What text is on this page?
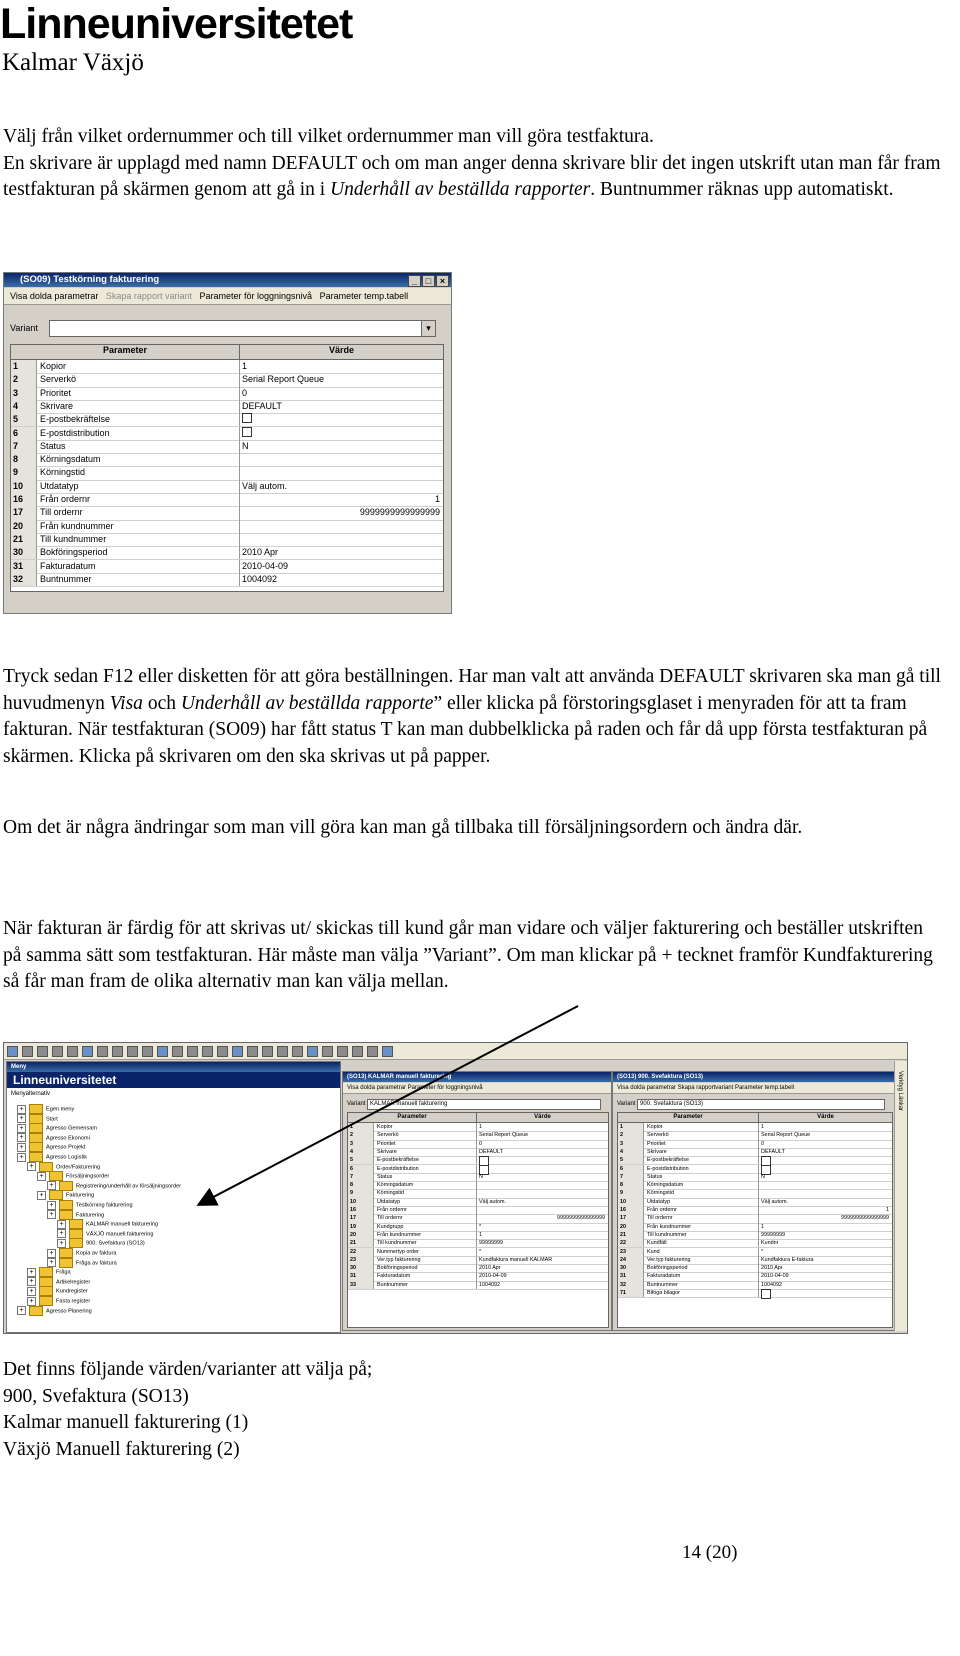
Linneuniversitetet
Kalmar Växjö

Välj från vilket ordernummer och till vilket ordernummer man vill göra testfaktura.

En skrivare är upplagd med namn DEFAULT och om man anger denna skrivare blir det ingen utskrift utan man får fram testfakturan på skärmen genom att gå in i Underhåll av beställda rapporter. Buntnummer räknas upp automatiskt.

(SO09) Testkörning fakturering	_ □ ×
Visa dolda parametrar Skapa rapport variant Parameter för loggningsnivå Parameter temp.tabell
Variant	▾
Parameter	Värde
1	Kopior	1
2	Serverkö	Serial Report Queue
3	Prioritet	0
4	Skrivare	DEFAULT
5	E-postbekräftelse
6	E-postdistribution
7	Status	N
8	Körningsdatum
9	Körningstid
10	Utdatatyp	Välj autom.
16	Från ordernr	1
17	Till ordernr	9999999999999999
20	Från kundnummer
21	Till kundnummer
30	Bokföringsperiod	2010 Apr
31	Fakturadatum	2010-04-09
32	Buntnummer	1004092

Tryck sedan F12 eller disketten för att göra beställningen. Har man valt att använda DEFAULT skrivaren ska man gå till huvudmenyn Visa och Underhåll av beställda rapporte” eller klicka på förstoringsglaset i menyraden för att ta fram fakturan. När testfakturan (SO09) har fått status T kan man dubbelklicka på raden och får då upp första testfakturan på skärmen. Klicka på skrivaren om den ska skrivas ut på papper.

Om det är några ändringar som man vill göra kan man gå tillbaka till försäljningsordern och ändra där.

När fakturan är färdig för att skrivas ut/ skickas till kund går man vidare och väljer fakturering och beställer utskriften på samma sätt som testfakturan. Här måste man välja ”Variant”. Om man klickar på + tecknet framför Kundfakturering så får man fram de olika alternativ man kan välja mellan.

Meny
Linneuniversitetet
Menyalternativ
+	Egen meny
+	Start
+	Agresso Gemensam
+	Agresso Ekonomi
+	Agresso Projekt
+	Agresso Logistik
+	Order/Fakturering
+	Försäljningsorder
+	Registrering/underhåll av försäljningsorder
+	Fakturering
+	Testkörning fakturering
+	Fakturering
+	KALMAR manuell fakturering
+	VÄXJÖ manuell fakturering
+	900. Svefaktura (SO13)
+	Kopia av faktura
+	Fråga av faktura
+	Fråga
+	Artikelregister
+	Kundregister
+	Fasta register
+	Agresso Planering
(SO13) KALMAR manuell fakturering
Visa dolda parametrar Parameter för loggningsnivå
Variant KALMAR manuell fakturering
Parameter	Värde
1	Kopior	1
2	Serverkö	Serial Report Queue
3	Prioritet	0
4	Skrivare	DEFAULT
5	E-postbekräftelse
6	E-postdistribution
7	Status	N
8	Körningsdatum
9	Körningstid
10	Utdatatyp	Välj autom.
16	Från ordernr
17	Till ordernr	9999999999999999
19	Kundgrupp	*
20	Från kundnummer	1
21	Till kundnummer	99999999
22	Nummertyp order	*
23	Ver.typ fakturering	Kundfaktura manuell KALMAR
30	Bokföringsperiod	2010 Apr
31	Fakturadatum	2010-04-09
33	Buntnummer	1004092
(SO13) 900. Svefaktura (SO13)
Visa dolda parametrar Skapa rapportvariant Parameter temp.tabell
Variant 900. Svefaktura (SO13)
Parameter	Värde
1	Kopior	1
2	Serverkö	Serial Report Queue
3	Prioritet	0
4	Skrivare	DEFAULT
5	E-postbekräftelse
6	E-postdistribution
7	Status	N
8	Körningsdatum
9	Körningstid
10	Utdatatyp	Välj autom.
16	Från ordernr	1
17	Till ordernr	9999999999999999
20	Från kundnummer	1
21	Till kundnummer	99999999
22	Kundfält	Kundnr
23	Kund	*
24	Ver.typ fakturering	Kundfaktura E-faktura
30	Bokföringsperiod	2010 Apr
31	Fakturadatum	2010-04-09
32	Buntnummer	1004092
71	Bifoga bilagor
Verktyg Länkar

Det finns följande värden/varianter att välja på;

900, Svefaktura (SO13)

Kalmar manuell fakturering (1)

Växjö Manuell fakturering (2)

14 (20)
